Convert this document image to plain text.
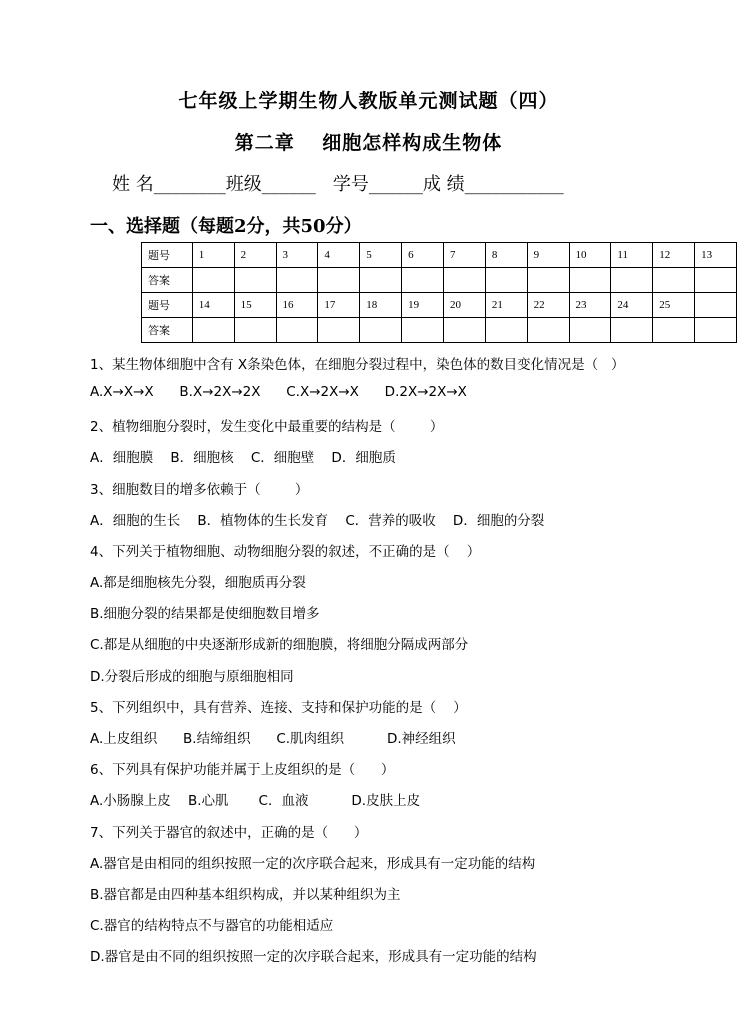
七年级上学期生物人教版单元测试题（四）
第二章　 细胞怎样构成生物体
姓 名________班级______   学号______成 绩___________
一、选择题（每题2分，共50分）
题号	1	2	3	4	5	6	7	8	9	10	11	12	13
答案													
题号	14	15	16	17	18	19	20	21	22	23	24	25	
答案													
1、某生物体细胞中含有 X条染色体，在细胞分裂过程中，染色体的数目变化情况是（   ）
A.X→X→X      B.X→2X→2X      C.X→2X→X      D.2X→2X→X
2、植物细胞分裂时，发生变化中最重要的结构是（        ）
A．细胞膜    B．细胞核    C．细胞壁    D．细胞质
3、细胞数目的增多依赖于（        ）
A．细胞的生长    B．植物体的生长发育    C．营养的吸收    D．细胞的分裂
4、下列关于植物细胞、动物细胞分裂的叙述，不正确的是（    ）
A.都是细胞核先分裂，细胞质再分裂
B.细胞分裂的结果都是使细胞数目增多
C.都是从细胞的中央逐渐形成新的细胞膜，将细胞分隔成两部分
D.分裂后形成的细胞与原细胞相同
5、下列组织中，具有营养、连接、支持和保护功能的是（    ）
A.上皮组织      B.结缔组织      C.肌肉组织          D.神经组织
6、下列具有保护功能并属于上皮组织的是（      ）
A.小肠腺上皮    B.心肌       C．血液          D.皮肤上皮
7、下列关于器官的叙述中，正确的是（      ）
A.器官是由相同的组织按照一定的次序联合起来，形成具有一定功能的结构
B.器官都是由四种基本组织构成，并以某种组织为主
C.器官的结构特点不与器官的功能相适应
D.器官是由不同的组织按照一定的次序联合起来，形成具有一定功能的结构
